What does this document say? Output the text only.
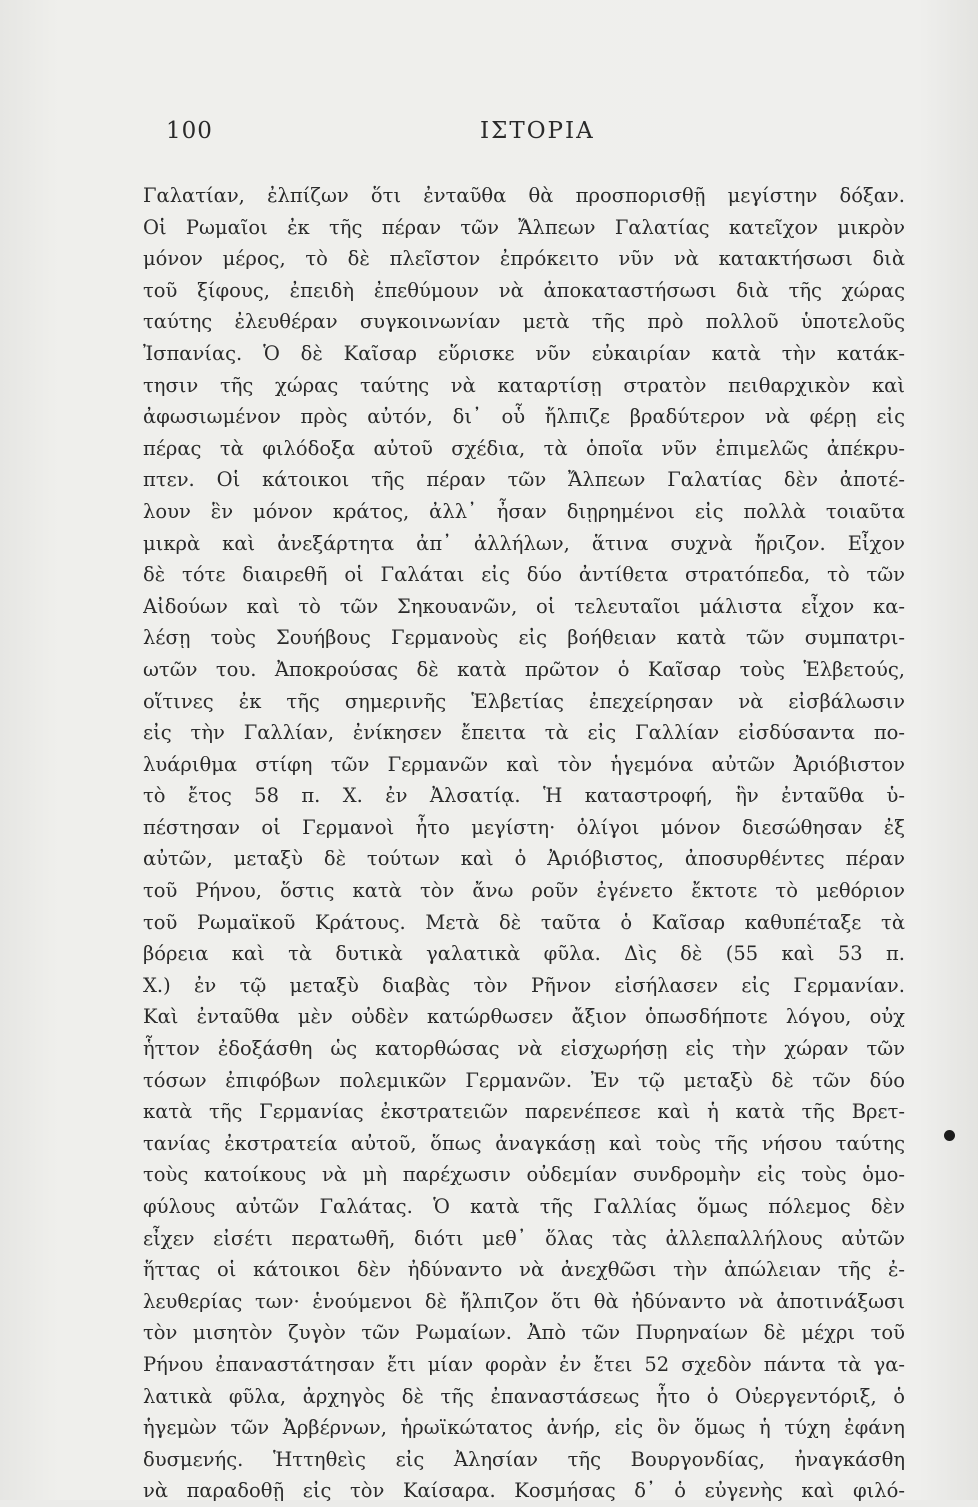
100	ΙΣΤΟΡΙΑ
Γαλατίαν, ἐλπίζων ὅτι ἐνταῦθα θὰ προσπορισθῇ μεγίστην δόξαν.
Οἱ Ρωμαῖοι ἐκ τῆς πέραν τῶν Ἄλπεων Γαλατίας κατεῖχον μικρὸν
μόνον μέρος, τὸ δὲ πλεῖστον ἐπρόκειτο νῦν νὰ κατακτήσωσι διὰ
τοῦ ξίφους, ἐπειδὴ ἐπεθύμουν νὰ ἀποκαταστήσωσι διὰ τῆς χώρας
ταύτης ἐλευθέραν συγκοινωνίαν μετὰ τῆς πρὸ πολλοῦ ὑποτελοῦς
Ἰσπανίας. Ὁ δὲ Καῖσαρ εὕρισκε νῦν εὐκαιρίαν κατὰ τὴν κατάκ-
τησιν τῆς χώρας ταύτης νὰ καταρτίσῃ στρατὸν πειθαρχικὸν καὶ
ἀφωσιωμένον πρὸς αὐτόν, δι᾽ οὗ ἤλπιζε βραδύτερον νὰ φέρῃ εἰς
πέρας τὰ φιλόδοξα αὐτοῦ σχέδια, τὰ ὁποῖα νῦν ἐπιμελῶς ἀπέκρυ-
πτεν. Οἱ κάτοικοι τῆς πέραν τῶν Ἄλπεων Γαλατίας δὲν ἀποτέ-
λουν ἓν μόνον κράτος, ἀλλ᾽ ἦσαν διῃρημένοι εἰς πολλὰ τοιαῦτα
μικρὰ καὶ ἀνεξάρτητα ἀπ᾽ ἀλλήλων, ἅτινα συχνὰ ἤριζον. Εἶχον
δὲ τότε διαιρεθῆ οἱ Γαλάται εἰς δύο ἀντίθετα στρατόπεδα, τὸ τῶν
Αἰδούων καὶ τὸ τῶν Σηκουανῶν, οἱ τελευταῖοι μάλιστα εἶχον κα-
λέσῃ τοὺς Σουήβους Γερμανοὺς εἰς βοήθειαν κατὰ τῶν συμπατρι-
ωτῶν του. Ἀποκρούσας δὲ κατὰ πρῶτον ὁ Καῖσαρ τοὺς Ἑλβετούς,
οἵτινες ἐκ τῆς σημερινῆς Ἑλβετίας ἐπεχείρησαν νὰ εἰσβάλωσιν
εἰς τὴν Γαλλίαν, ἐνίκησεν ἔπειτα τὰ εἰς Γαλλίαν εἰσδύσαντα πο-
λυάριθμα στίφη τῶν Γερμανῶν καὶ τὸν ἡγεμόνα αὐτῶν Ἀριόβιστον
τὸ ἔτος 58 π. Χ. ἐν Ἀλσατίᾳ. Ἡ καταστροφή, ἣν ἐνταῦθα ὑ-
πέστησαν οἱ Γερμανοὶ ἦτο μεγίστη· ὀλίγοι μόνον διεσώθησαν ἐξ
αὐτῶν, μεταξὺ δὲ τούτων καὶ ὁ Ἀριόβιστος, ἀποσυρθέντες πέραν
τοῦ Ρήνου, ὅστις κατὰ τὸν ἄνω ροῦν ἐγένετο ἔκτοτε τὸ μεθόριον
τοῦ Ρωμαϊκοῦ Κράτους. Μετὰ δὲ ταῦτα ὁ Καῖσαρ καθυπέταξε τὰ
βόρεια καὶ τὰ δυτικὰ γαλατικὰ φῦλα. Δὶς δὲ (55 καὶ 53 π.
Χ.) ἐν τῷ μεταξὺ διαβὰς τὸν Ρῆνον εἰσήλασεν εἰς Γερμανίαν.
Καὶ ἐνταῦθα μὲν οὐδὲν κατώρθωσεν ἄξιον ὁπωσδήποτε λόγου, οὐχ
ἧττον ἐδοξάσθη ὡς κατορθώσας νὰ εἰσχωρήσῃ εἰς τὴν χώραν τῶν
τόσων ἐπιφόβων πολεμικῶν Γερμανῶν. Ἐν τῷ μεταξὺ δὲ τῶν δύο
κατὰ τῆς Γερμανίας ἐκστρατειῶν παρενέπεσε καὶ ἡ κατὰ τῆς Βρετ-
τανίας ἐκστρατεία αὐτοῦ, ὅπως ἀναγκάσῃ καὶ τοὺς τῆς νήσου ταύτης
τοὺς κατοίκους νὰ μὴ παρέχωσιν οὐδεμίαν συνδρομὴν εἰς τοὺς ὁμο-
φύλους αὐτῶν Γαλάτας. Ὁ κατὰ τῆς Γαλλίας ὅμως πόλεμος δὲν
εἶχεν εἰσέτι περατωθῆ, διότι μεθ᾽ ὅλας τὰς ἀλλεπαλλήλους αὐτῶν
ἥττας οἱ κάτοικοι δὲν ἠδύναντο νὰ ἀνεχθῶσι τὴν ἀπώλειαν τῆς ἐ-
λευθερίας των· ἑνούμενοι δὲ ἤλπιζον ὅτι θὰ ἠδύναντο νὰ ἀποτινάξωσι
τὸν μισητὸν ζυγὸν τῶν Ρωμαίων. Ἀπὸ τῶν Πυρηναίων δὲ μέχρι τοῦ
Ρήνου ἐπαναστάτησαν ἔτι μίαν φορὰν ἐν ἔτει 52 σχεδὸν πάντα τὰ γα-
λατικὰ φῦλα, ἀρχηγὸς δὲ τῆς ἐπαναστάσεως ἦτο ὁ Οὐεργεντόριξ, ὁ
ἡγεμὼν τῶν Ἀρβέρνων, ἡρωϊκώτατος ἀνήρ, εἰς ὃν ὅμως ἡ τύχη ἐφάνη
δυσμενής. Ἡττηθεὶς εἰς Ἀλησίαν τῆς Βουργονδίας, ἠναγκάσθη
νὰ παραδοθῇ εἰς τὸν Καίσαρα. Κοσμήσας δ᾽ ὁ εὐγενὴς καὶ φιλό-
